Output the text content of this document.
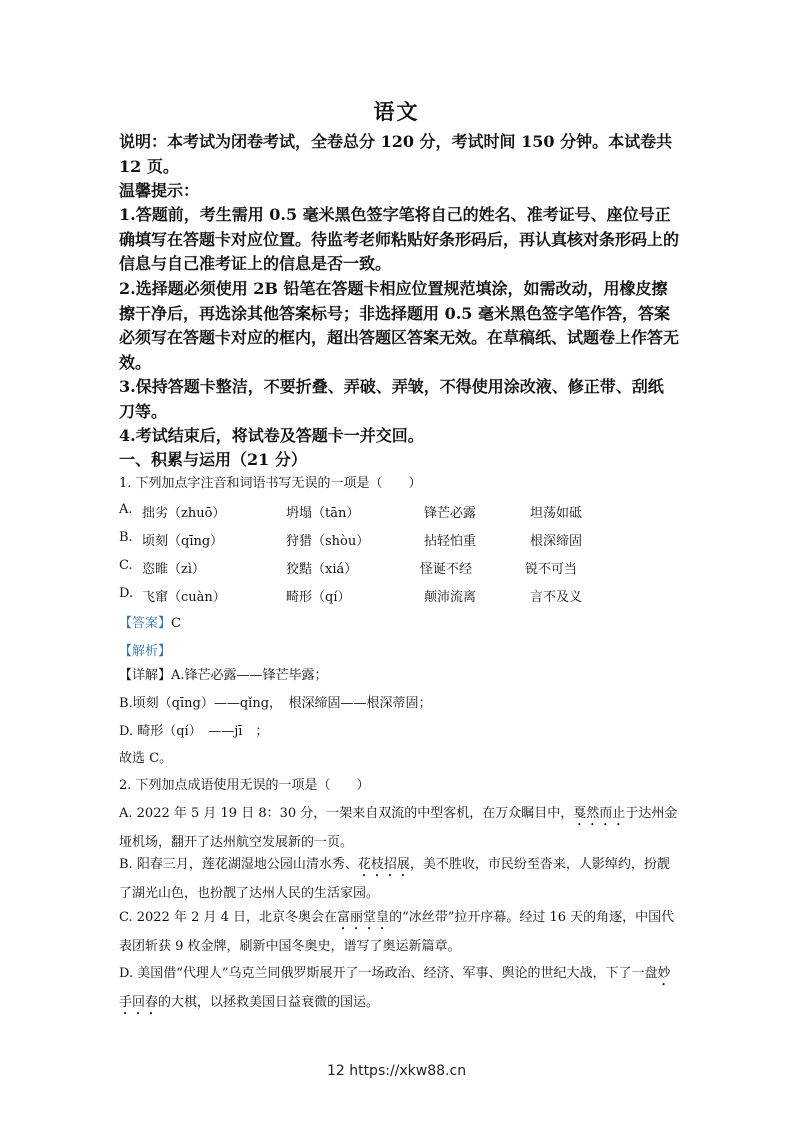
语文
说明：本考试为闭卷考试，全卷总分 120 分，考试时间 150 分钟。本试卷共 12 页。
温馨提示：
1.答题前，考生需用 0.5 毫米黑色签字笔将自己的姓名、准考证号、座位号正确填写在答题卡对应位置。待监考老师粘贴好条形码后，再认真核对条形码上的信息与自己准考证上的信息是否一致。
2.选择题必须使用 2B 铅笔在答题卡相应位置规范填涂，如需改动，用橡皮擦擦干净后，再选涂其他答案标号；非选择题用 0.5 毫米黑色签字笔作答，答案必须写在答题卡对应的框内，超出答题区答案无效。在草稿纸、试题卷上作答无效。
3.保持答题卡整洁，不要折叠、弄破、弄皱，不得使用涂改液、修正带、刮纸刀等。
4.考试结束后，将试卷及答题卡一并交回。
一、积累与运用（21 分）
1. 下列加点字注音和词语书写无误的一项是（　　）
A. 拙劣（zhuō）	坍塌（tān）	锋芒必露	坦荡如砥
B. 顷刻（qīng）	狩猎（shòu）	拈轻怕重	根深缔固
C. 恣睢（zì）	狡黠（xiá）	怪诞不经	锐不可当
D. 飞窜（cuàn）	畸形（qí）	颠沛流离	言不及义
【答案】C
【解析】
【详解】A.锋芒必露——锋芒毕露；
B.顷刻（qīng）——qǐng，　根深缔固——根深蒂固；
D. 畸形（qí）　——jī　；
故选 C。
2. 下列加点成语使用无误的一项是（　　）
A. 2022 年 5 月 19 日 8：30 分，一架来自双流的中型客机，在万众瞩目中，戛然而止于达州金垭机场，翻开了达州航空发展新的一页。
B. 阳春三月，莲花湖湿地公园山清水秀、花枝招展，美不胜收，市民纷至沓来，人影绰约，扮靓了湖光山色，也扮靓了达州人民的生活家园。
C. 2022 年 2 月 4 日，北京冬奥会在富丽堂皇的“冰丝带”拉开序幕。经过 16 天的角逐，中国代表团斩获 9 枚金牌，刷新中国冬奥史，谱写了奥运新篇章。
D. 美国借“代理人”乌克兰同俄罗斯展开了一场政治、经济、军事、舆论的世纪大战，下了一盘妙手回春的大棋，以拯救美国日益衰微的国运。
12 https://xkw88.cn
